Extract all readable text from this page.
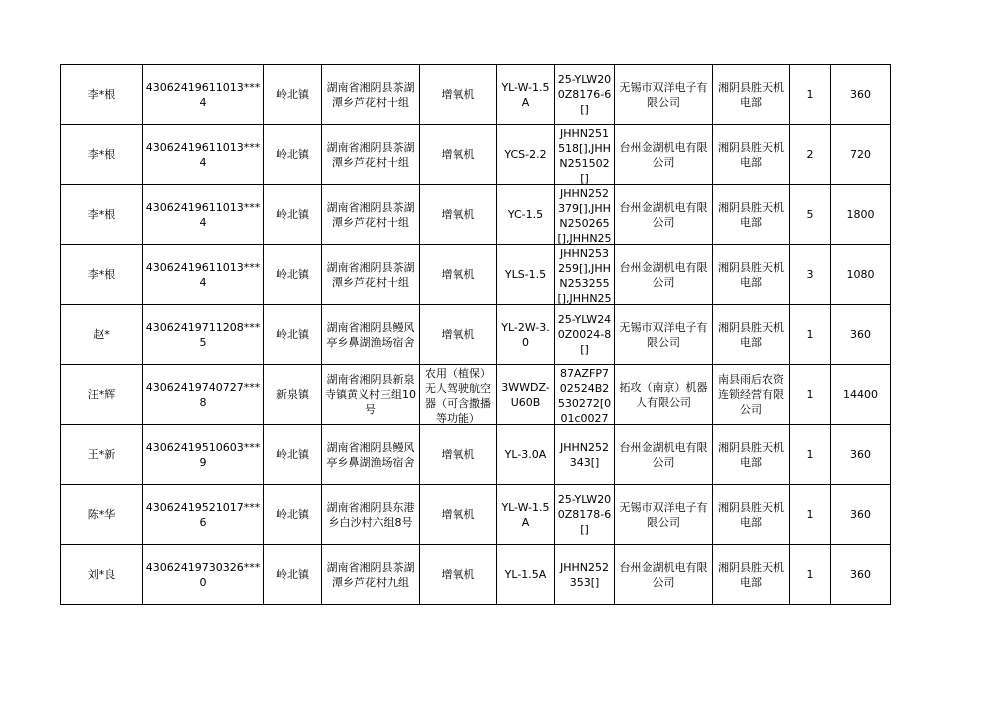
李*根	43062419611013***4	岭北镇	湖南省湘阴县茶湖潭乡芦花村十组	增氧机	YL-W-1.5A	25-YLW200Z8176-6[]	无锡市双洋电子有限公司	湘阴县胜天机电部	1	360

李*根	43062419611013***4	岭北镇	湖南省湘阴县茶湖潭乡芦花村十组	增氧机	YCS-2.2	JHHN251518[],JHHN251502[]	台州金湖机电有限公司	湘阴县胜天机电部	2	720

李*根	43062419611013***4	岭北镇	湖南省湘阴县茶湖潭乡芦花村十组	增氧机	YC-1.5	JHHN252379[],JHHN250265[],JHHN25	台州金湖机电有限公司	湘阴县胜天机电部	5	1800

李*根	43062419611013***4	岭北镇	湖南省湘阴县茶湖潭乡芦花村十组	增氧机	YLS-1.5	JHHN253259[],JHHN253255[],JHHN25	台州金湖机电有限公司	湘阴县胜天机电部	3	1080

赵*	43062419711208***5	岭北镇	湖南省湘阴县鳗风亭乡鼻湖渔场宿舍	增氧机	YL-2W-3.0	25-YLW240Z0024-8[]	无锡市双洋电子有限公司	湘阴县胜天机电部	1	360

汪*辉	43062419740727***8	新泉镇	湖南省湘阴县新泉寺镇黄义村三组10号	农用（植保）无人驾驶航空器（可含撒播等功能）	3WWDZ-U60B	87AZFP702524B2530272[001c0027	拓攻（南京）机器人有限公司	南县雨后农资连锁经营有限公司	1	14400

王*新	43062419510603***9	岭北镇	湖南省湘阴县鳗风亭乡鼻湖渔场宿舍	增氧机	YL-3.0A	JHHN252343[]	台州金湖机电有限公司	湘阴县胜天机电部	1	360

陈*华	43062419521017***6	岭北镇	湖南省湘阴县东港乡白沙村六组8号	增氧机	YL-W-1.5A	25-YLW200Z8178-6[]	无锡市双洋电子有限公司	湘阴县胜天机电部	1	360

刘*良	43062419730326***0	岭北镇	湖南省湘阴县茶湖潭乡芦花村九组	增氧机	YL-1.5A	JHHN252353[]	台州金湖机电有限公司	湘阴县胜天机电部	1	360
